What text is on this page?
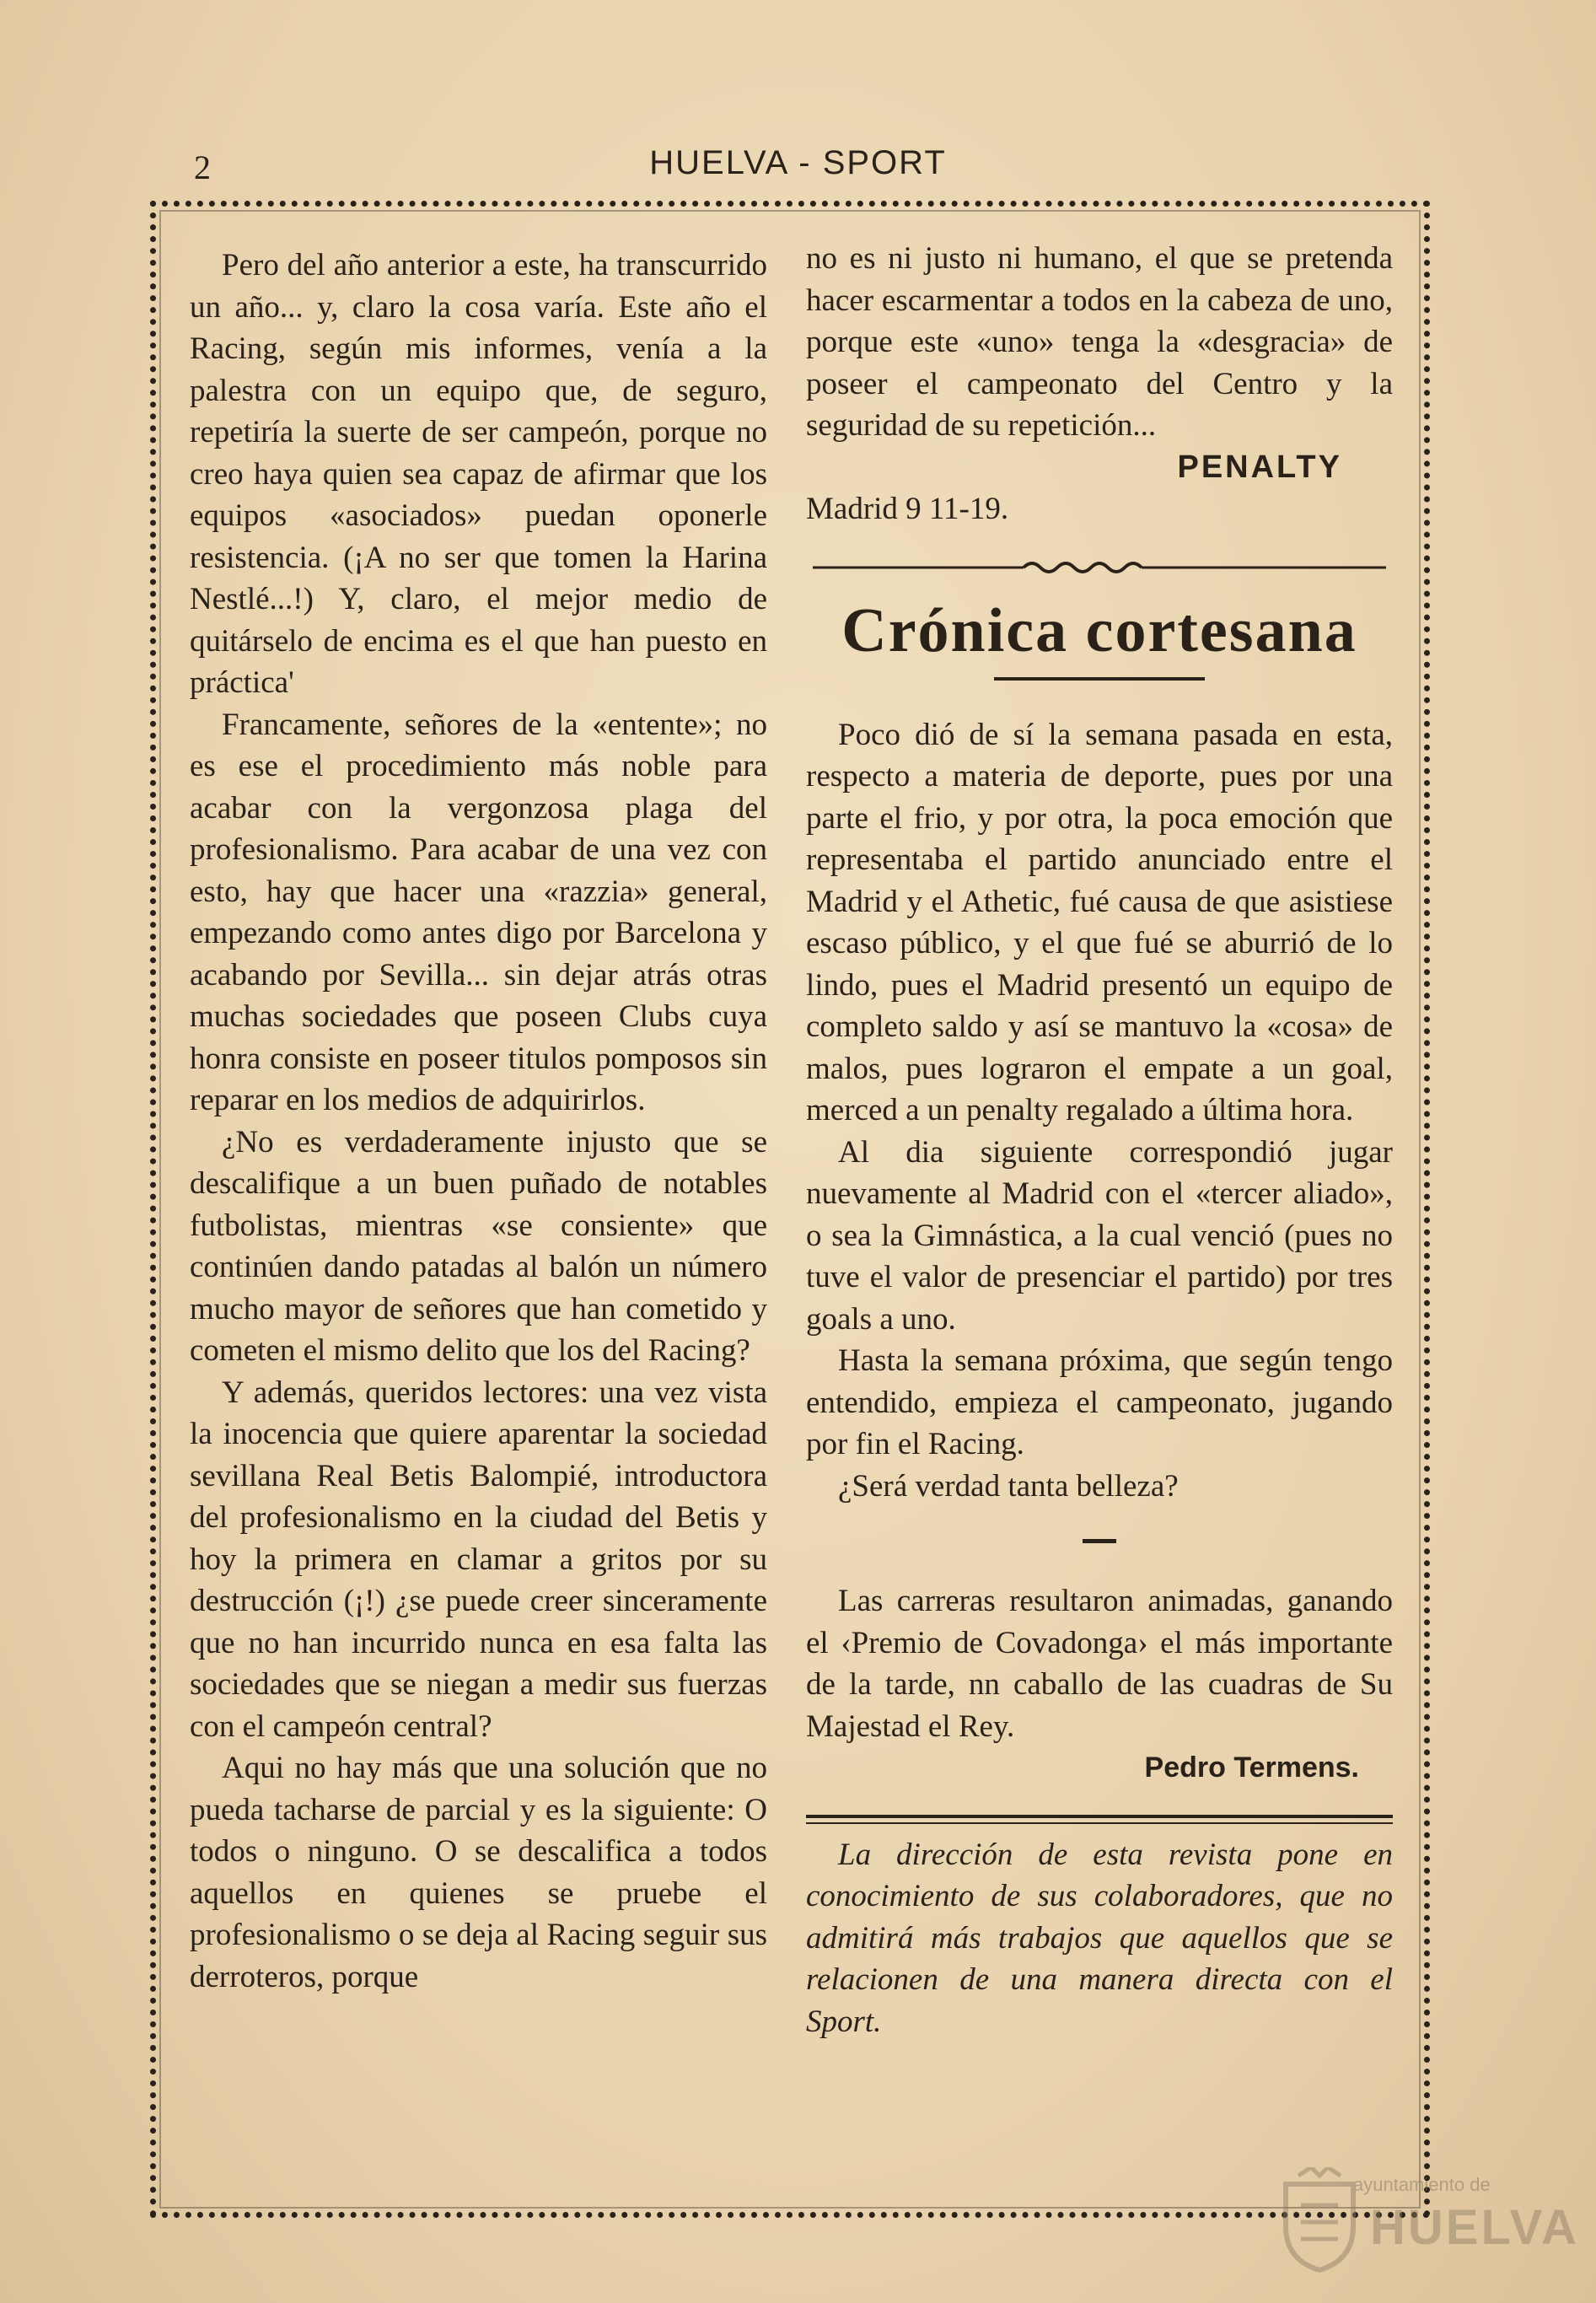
2	HUELVA - SPORT

Pero del año anterior a este, ha transcurrido un año... y, claro la cosa varía. Este año el Racing, según mis informes, venía a la palestra con un equipo que, de seguro, repetiría la suerte de ser campeón, porque no creo haya quien sea capaz de afirmar que los equipos «asociados» puedan oponerle resistencia. (¡A no ser que tomen la Harina Nestlé...!) Y, claro, el mejor medio de quitárselo de encima es el que han puesto en práctica'

Francamente, señores de la «entente»; no es ese el procedimiento más noble para acabar con la vergonzosa plaga del profesionalismo. Para acabar de una vez con esto, hay que hacer una «razzia» general, empezando como antes digo por Barcelona y acabando por Sevilla... sin dejar atrás otras muchas sociedades que poseen Clubs cuya honra consiste en poseer titulos pomposos sin reparar en los medios de adquirirlos.

¿No es verdaderamente injusto que se descalifique a un buen puñado de notables futbolistas, mientras «se consiente» que continúen dando patadas al balón un número mucho mayor de señores que han cometido y cometen el mismo delito que los del Racing?

Y además, queridos lectores: una vez vista la inocencia que quiere aparentar la sociedad sevillana Real Betis Balompié, introductora del profesionalismo en la ciudad del Betis y hoy la primera en clamar a gritos por su destrucción (¡!) ¿se puede creer sinceramente que no han incurrido nunca en esa falta las sociedades que se niegan a medir sus fuerzas con el campeón central?

Aqui no hay más que una solución que no pueda tacharse de parcial y es la siguiente: O todos o ninguno. O se descalifica a todos aquellos en quienes se pruebe el profesionalismo o se deja al Racing seguir sus derroteros, porque

no es ni justo ni humano, el que se pretenda hacer escarmentar a todos en la cabeza de uno, porque este «uno» tenga la «desgracia» de poseer el campeonato del Centro y la seguridad de su repetición...

PENALTY

Madrid 9 11-19.

Crónica cortesana

Poco dió de sí la semana pasada en esta, respecto a materia de deporte, pues por una parte el frio, y por otra, la poca emoción que representaba el partido anunciado entre el Madrid y el Athetic, fué causa de que asistiese escaso público, y el que fué se aburrió de lo lindo, pues el Madrid presentó un equipo de completo saldo y así se mantuvo la «cosa» de malos, pues lograron el empate a un goal, merced a un penalty regalado a última hora.

Al dia siguiente correspondió jugar nuevamente al Madrid con el «tercer aliado», o sea la Gimnástica, a la cual venció (pues no tuve el valor de presenciar el partido) por tres goals a uno.

Hasta la semana próxima, que según tengo entendido, empieza el campeonato, jugando por fin el Racing.

¿Será verdad tanta belleza?

Las carreras resultaron animadas, ganando el ‹Premio de Covadonga› el más importante de la tarde, nn caballo de las cuadras de Su Majestad el Rey.

Pedro Termens.

La dirección de esta revista pone en conocimiento de sus colaboradores, que no admitirá más trabajos que aquellos que se relacionen de una manera directa con el Sport.

ayuntamiento de
HUELVA
